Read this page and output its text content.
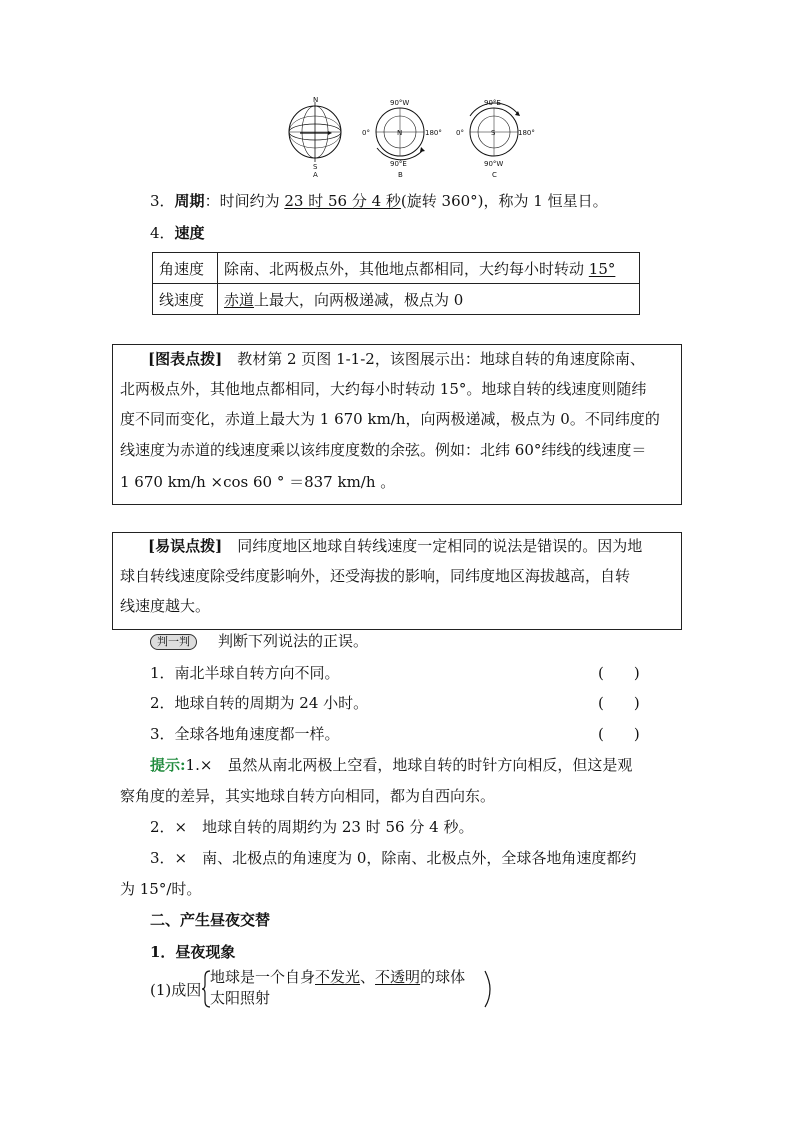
N
S
A
90°W
0°	N	180°
90°E
B
90°E
0°	S	180°
90°W
C
3．周期：时间约为 23 时 56 分 4 秒(旋转 360°)，称为 1 恒星日。
4．速度
角速度	除南、北两极点外，其他地点都相同，大约每小时转动 15°
线速度	赤道上最大，向两极递减，极点为 0
[图表点拨]　 教材第 2 页图 1-1-2，该图展示出：地球自转的角速度除南、
北两极点外，其他地点都相同，大约每小时转动 15°。地球自转的线速度则随纬
度不同而变化，赤道上最大为 1 670 km/h，向两极递减，极点为 0。不同纬度的
线速度为赤道的线速度乘以该纬度度数的余弦。例如：北纬 60°纬线的线速度＝
1 670 km/h ×cos 60 ° ＝837 km/h 。
[易误点拨]　 同纬度地区地球自转线速度一定相同的说法是错误的。因为地
球自转线速度除受纬度影响外，还受海拔的影响，同纬度地区海拔越高，自转
线速度越大。
判一判	判断下列说法的正误。
1．南北半球自转方向不同。	(　　)
2．地球自转的周期为 24 小时。	(　　)
3．全球各地角速度都一样。	(　　)
提示:1.×　虽然从南北两极上空看，地球自转的时针方向相反，但这是观
察角度的差异，其实地球自转方向相同，都为自西向东。
2．×　地球自转的周期约为 23 时 56 分 4 秒。
3．×　南、北极点的角速度为 0，除南、北极点外，全球各地角速度都约
为 15°/时。
二、产生昼夜交替
1．昼夜现象
(1)成因
地球是一个自身不发光、不透明的球体
太阳照射
